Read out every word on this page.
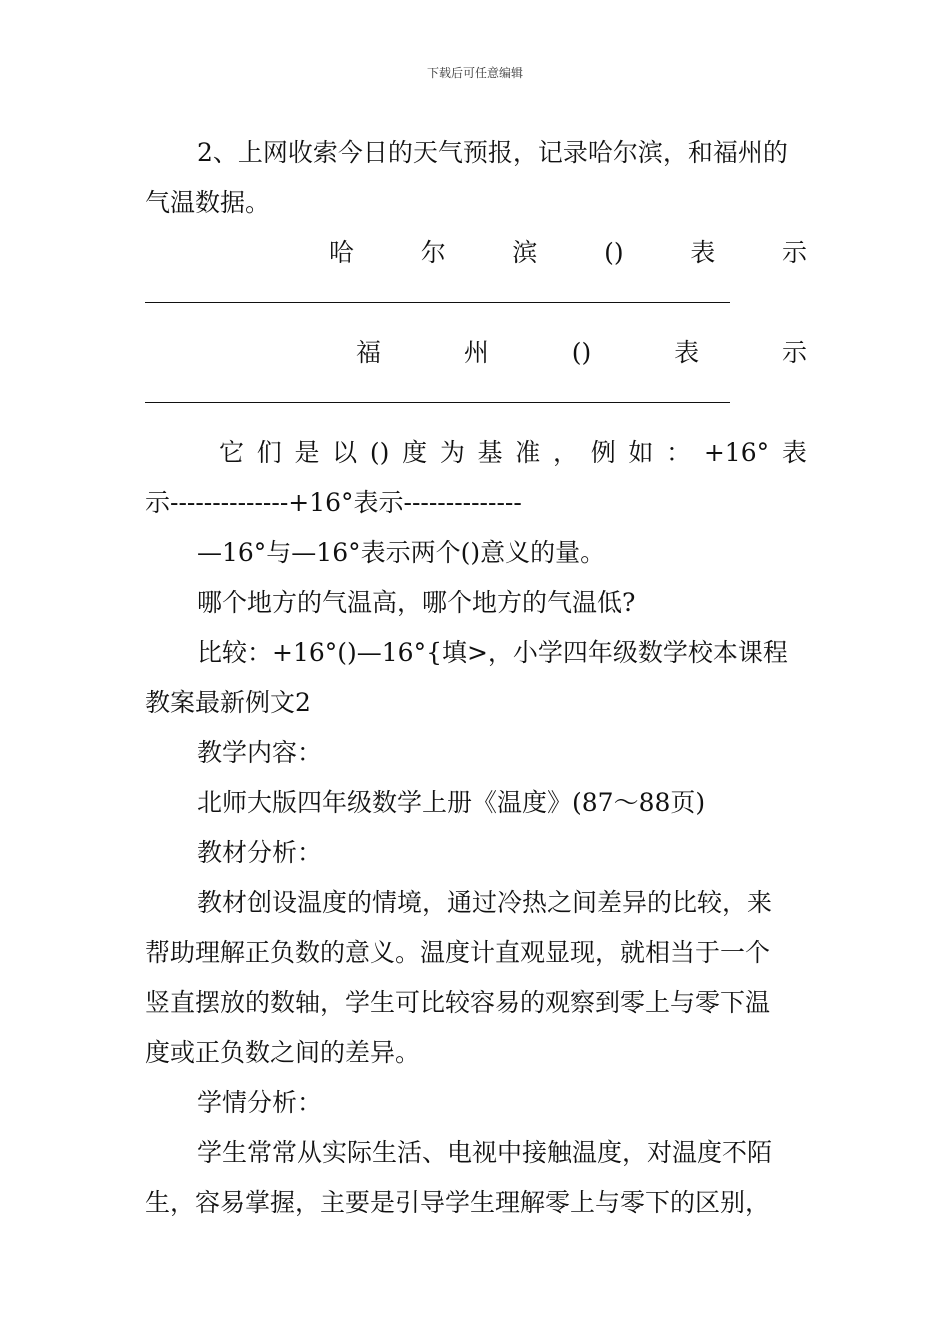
下载后可任意编辑
2、上网收索今日的天气预报，记录哈尔滨，和福州的
气温数据。
哈	尔	滨	()	表	示
福	州	()	表	示
它 们 是 以 () 度 为 基 准 ， 例 如 ： +16° 表
示--------------+16°表示--------------
—16°与—16°表示两个()意义的量。
哪个地方的气温高，哪个地方的气温低?
比较：+16°()—16°{填>，小学四年级数学校本课程
教案最新例文2
教学内容：
北师大版四年级数学上册《温度》(87～88页)
教材分析：
教材创设温度的情境，通过冷热之间差异的比较，来
帮助理解正负数的意义。温度计直观显现，就相当于一个
竖直摆放的数轴，学生可比较容易的观察到零上与零下温
度或正负数之间的差异。
学情分析：
学生常常从实际生活、电视中接触温度，对温度不陌
生，容易掌握，主要是引导学生理解零上与零下的区别，
